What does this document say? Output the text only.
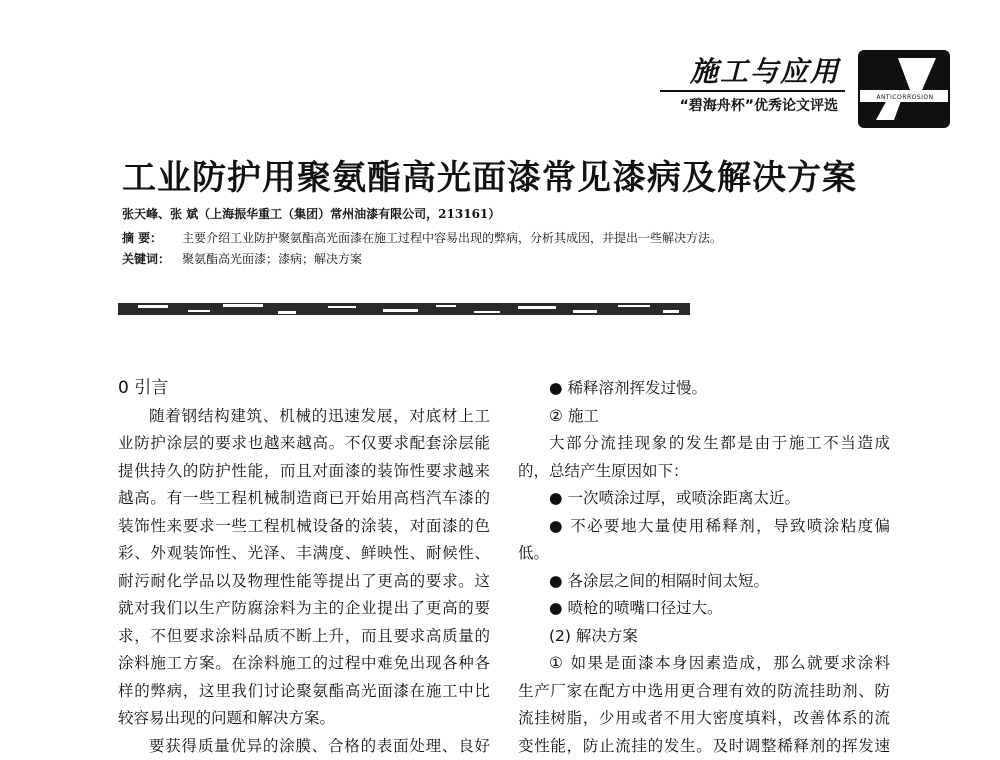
施工与应用
“碧海舟杯”优秀论文评选
ANTICORROSION
工业防护用聚氨酯高光面漆常见漆病及解决方案
张天峰、张 斌（上海振华重工（集团）常州油漆有限公司，213161）
摘 要： 主要介绍工业防护聚氨酯高光面漆在施工过程中容易出现的弊病，分析其成因，并提出一些解决方法。
关键词： 聚氨酯高光面漆；漆病；解决方案
0 引言
随着钢结构建筑、机械的迅速发展，对底材上工
业防护涂层的要求也越来越高。不仅要求配套涂层能
提供持久的防护性能，而且对面漆的装饰性要求越来
越高。有一些工程机械制造商已开始用高档汽车漆的
装饰性来要求一些工程机械设备的涂装，对面漆的色
彩、外观装饰性、光泽、丰满度、鲜映性、耐候性、
耐污耐化学品以及物理性能等提出了更高的要求。这
就对我们以生产防腐涂料为主的企业提出了更高的要
求，不但要求涂料品质不断上升，而且要求高质量的
涂料施工方案。在涂料施工的过程中难免出现各种各
样的弊病，这里我们讨论聚氨酯高光面漆在施工中比
较容易出现的问题和解决方案。
要获得质量优异的涂膜、合格的表面处理、良好
● 稀释溶剂挥发过慢。
② 施工
大部分流挂现象的发生都是由于施工不当造成
的，总结产生原因如下：
● 一次喷涂过厚，或喷涂距离太近。
● 不必要地大量使用稀释剂，导致喷涂粘度偏
低。
● 各涂层之间的相隔时间太短。
● 喷枪的喷嘴口径过大。
(2) 解决方案
① 如果是面漆本身因素造成，那么就要求涂料
生产厂家在配方中选用更合理有效的防流挂助剂、防
流挂树脂，少用或者不用大密度填料，改善体系的流
变性能，防止流挂的发生。及时调整稀释剂的挥发速
